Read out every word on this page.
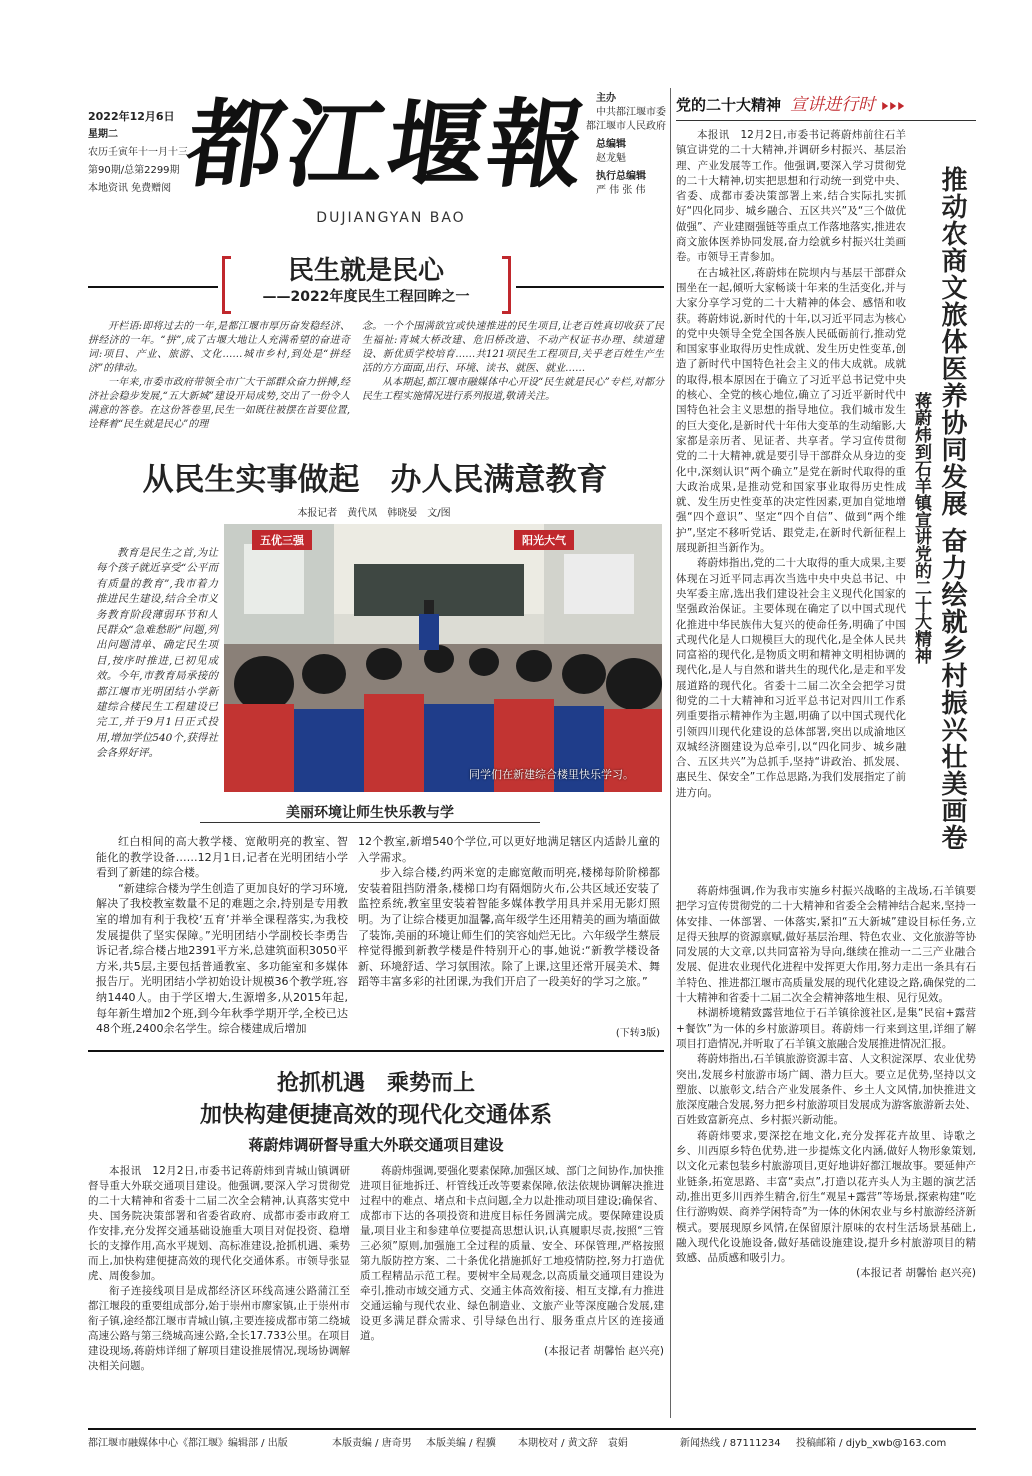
2022年12月6日
星期二
农历壬寅年十一月十三
第90期/总第2299期
本地资讯 免费赠阅 都江堰報
DUJIANGYAN BAO
主办
中共都江堰市委
都江堰市人民政府
总编辑
赵龙魁
执行总编辑
严 伟 张 伟
党的二十大精神 宣讲进行时
民生就是民心
——2022年度民生工程回眸之一

开栏语:即将过去的一年,是都江堰市厚历奋发稳经济、拼经济的一年。“拼”,成了古堰大地让人充满希望的奋进奇词:项目、产业、旅游、文化……城市乡村,到处是“拼经济”的律动。

一年来,市委市政府带领全市广大干部群众奋力拼搏,经济社会稳步发展,“五大新城”建设开局成势,交出了一份令人满意的答卷。在这份答卷里,民生一如既往被摆在首要位置,诠释着“民生就是民心”的理

念。一个个围满欲宜或快速推进的民生项目,让老百姓真切收获了民生福祉:青城大桥改建、危旧桥改造、不动产权证书办理、续道建设、新优质学校培育……共121项民生工程项目,关乎老百姓生产生活的方方面面,出行、环境、读书、就医、就业……

从本期起,都江堰市融媒体中心开设“民生就是民心”专栏,对都分民生工程实施情况进行系列报道,敬请关注。

从民生实事做起　办人民满意教育
本报记者　黄代凤　韩晓晏　文/图
教育是民生之首,为让每个孩子就近享受“公平而有质量的教育”,我市着力推进民生建设,结合全市义务教育阶段薄弱环节和人民群众“急难愁盼”问题,列出问题清单、确定民生项目,按序时推进,已初见成效。今年,市教育局承接的都江堰市光明团结小学新建综合楼民生工程建设已完工,并于9月1日正式投用,增加学位540个,获得社会各界好评。
五优三强	阳光大气
同学们在新建综合楼里快乐学习。
美丽环境让师生快乐教与学

红白相间的高大教学楼、宽敞明亮的教室、智能化的教学设备……12月1日,记者在光明团结小学看到了新建的综合楼。

“新建综合楼为学生创造了更加良好的学习环境,解决了我校教室数量不足的难题之余,持别是专用教室的增加有利于我校‘五育’并举全课程落实,为我校发展提供了坚实保障。”光明团结小学副校长李勇告诉记者,综合楼占地2391平方米,总建筑面积3050平方米,共5层,主要包括普通教室、多功能室和多媒体报告厅。光明团结小学初始设计规模36个教学班,容纳1440人。由于学区增大,生源增多,从2015年起,每年新生增加2个班,到今年秋季学期开学,全校已达48个班,2400余名学生。综合楼建成后增加

12个教室,新增540个学位,可以更好地满足辖区内适龄儿童的入学需求。

步入综合楼,约两米宽的走廊宽敞而明亮,楼梯每阶阶梯都安装着阻挡防滑条,楼梯口均有隔烟防火布,公共区域还安装了监控系统,教室里安装着智能多媒体教学用具并采用无影灯照明。为了让综合楼更加温馨,高年级学生还用精美的画为墙面做了装饰,美丽的环境让师生们的笑容灿烂无比。六年级学生蔡辰梓觉得搬到新教学楼是件特别开心的事,她说:“新教学楼设备新、环境舒适、学习氛围浓。除了上课,这里还常开展美术、舞蹈等丰富多彩的社团课,为我们开启了一段美好的学习之旅。”

(下转3版)
抢抓机遇　乘势而上
加快构建便捷高效的现代化交通体系
蒋蔚炜调研督导重大外联交通项目建设

本报讯　12月2日,市委书记蒋蔚炜到青城山镇调研督导重大外联交通项目建设。他强调,要深入学习贯彻党的二十大精神和省委十二届二次全会精神,认真落实党中央、国务院决策部署和省委省政府、成都市委市政府工作安排,充分发挥交通基础设施重大项目对促投资、稳增长的支撑作用,高水平规划、高标准建设,抢抓机遇、乘势而上,加快构建便捷高效的现代化交通体系。市领导张显虎、周俊参加。

衔子连接线项目是成都经济区环线高速公路蒲江至都江堰段的重要组成部分,始于崇州市廖家镇,止于崇州市衔子镇,途经都江堰市青城山镇,主要连接成都市第二绕城高速公路与第三绕城高速公路,全长17.733公里。在项目建设现场,蒋蔚炜详细了解项目建设推展情况,现场协调解决相关问题。

蒋蔚炜强调,要强化要素保障,加强区域、部门之间协作,加快推进项目征地拆迁、杆管线迁改等要素保障,依法依规协调解决推进过程中的难点、堵点和卡点问题,全力以赴推动项目建设;确保省、成都市下达的各项投资和进度目标任务圆满完成。要保障建设质量,项目业主和参建单位要提高思想认识,认真履职尽责,按照“三管三必须”原则,加强施工全过程的质量、安全、环保管理,严格按照第九版防控方案、二十条优化措施抓好工地疫情防控,努力打造优质工程精品示范工程。要树牢全局观念,以高质量交通项目建设为牵引,推动市域交通方式、交通主体高效衔接、相互支撑,有力推进交通运输与现代农业、绿色制造业、文旅产业等深度融合发展,建设更多满足群众需求、引导绿色出行、服务重点片区的连接通道。

(本报记者 胡馨怡 赵兴亮)

本报讯　12月2日,市委书记蒋蔚炜前往石羊镇宣讲党的二十大精神,并调研乡村振兴、基层治理、产业发展等工作。他强调,要深入学习贯彻党的二十大精神,切实把思想和行动统一到党中央、省委、成都市委决策部署上来,结合实际扎实抓好“四化同步、城乡融合、五区共兴”及“三个做优做强”、产业建圈强链等重点工作落地落实,推进农商文旅体医养协同发展,奋力绘就乡村振兴壮美画卷。市领导王青参加。

在古城社区,蒋蔚炜在院坝内与基层干部群众围坐在一起,倾听大家畅谈十年来的生活变化,并与大家分享学习党的二十大精神的体会、感悟和收获。蒋蔚炜说,新时代的十年,以习近平同志为核心的党中央领导全党全国各族人民砥砺前行,推动党和国家事业取得历史性成就、发生历史性变革,创造了新时代中国特色社会主义的伟大成就。成就的取得,根本原因在于确立了习近平总书记党中央的核心、全党的核心地位,确立了习近平新时代中国特色社会主义思想的指导地位。我们城市发生的巨大变化,是新时代十年伟大变革的生动缩影,大家都是亲历者、见证者、共享者。学习宣传贯彻党的二十大精神,就是要引导干部群众从身边的变化中,深刻认识“两个确立”是党在新时代取得的重大政治成果,是推动党和国家事业取得历史性成就、发生历史性变革的决定性因素,更加自觉地增强“四个意识”、坚定“四个自信”、做到“两个维护”,坚定不移听党话、跟党走,在新时代新征程上展现新担当新作为。

蒋蔚炜指出,党的二十大取得的重大成果,主要体现在习近平同志再次当选中央中央总书记、中央军委主席,选出我们建设社会主义现代化国家的坚强政治保证。主要体现在确定了以中国式现代化推进中华民族伟大复兴的使命任务,明确了中国式现代化是人口规模巨大的现代化,是全体人民共同富裕的现代化,是物质文明和精神文明相协调的现代化,是人与自然和谐共生的现代化,是走和平发展道路的现代化。省委十二届二次全会把学习贯彻党的二十大精神和习近平总书记对四川工作系列重要指示精神作为主题,明确了以中国式现代化引领四川现代化建设的总体部署,突出以成渝地区双城经济圈建设为总牵引,以“四化同步、城乡融合、五区共兴”为总抓手,坚持“讲政治、抓发展、惠民生、保安全”工作总思路,为我们发展指定了前进方向。	推动农商文旅体医养协同发展 奋力绘就乡村振兴壮美画卷
蒋蔚炜到石羊镇宣讲党的二十大精神

蒋蔚炜强调,作为我市实施乡村振兴战略的主战场,石羊镇要把学习宣传贯彻党的二十大精神和省委全会精神结合起来,坚持一体安排、一体部署、一体落实,紧扣“五大新城”建设目标任务,立足得天独厚的资源禀赋,做好基层治理、特色农业、文化旅游等协同发展的大文章,以共同富裕为导向,继续在推动一二三产业融合发展、促进农业现代化进程中发挥更大作用,努力走出一条具有石羊特色、推进都江堰市高质量发展的现代化建设之路,确保党的二十大精神和省委十二届二次全会精神落地生根、见行见效。

林湖桥境精致露营地位于石羊镇徐渡社区,是集“民宿+露营+餐饮”为一体的乡村旅游项目。蒋蔚炜一行来到这里,详细了解项目打造情况,并听取了石羊镇文旅融合发展推进情况汇报。

蒋蔚炜指出,石羊镇旅游资源丰富、人文积淀深厚、农业优势突出,发展乡村旅游市场广阔、潜力巨大。要立足优势,坚持以文塑旅、以旅彰文,结合产业发展条件、乡土人文风情,加快推进文旅深度融合发展,努力把乡村旅游项目发展成为游客旅游新去处、百姓致富新亮点、乡村振兴新动能。

蒋蔚炜要求,要深挖在地文化,充分发挥花卉故里、诗歌之乡、川西原乡特色优势,进一步提炼文化内涵,做好人物形象策划,以文化元素包装乡村旅游项目,更好地讲好都江堰故事。要延伸产业链条,拓宽思路、丰富“卖点”,打造以花卉头人为主题的演艺活动,推出更多川西养生精舍,衍生“观星+露营”等场景,探索构建“吃住行游购娱、商养学闲特奇”为一体的休闲农业与乡村旅游经济新模式。要展现原乡风情,在保留原汁原味的农村生活场景基础上,融入现代化设施设备,做好基础设施建设,提升乡村旅游项目的精致感、品质感和吸引力。

(本报记者 胡馨怡 赵兴亮)
都江堰市融媒体中心《都江堰》编辑部 / 出版	本版责编 / 唐奇男 本版美编 / 程骥 本期校对 / 黄文辞　袁娟	新闻热线 / 87111234 投稿邮箱 / djyb_xwb@163.com
